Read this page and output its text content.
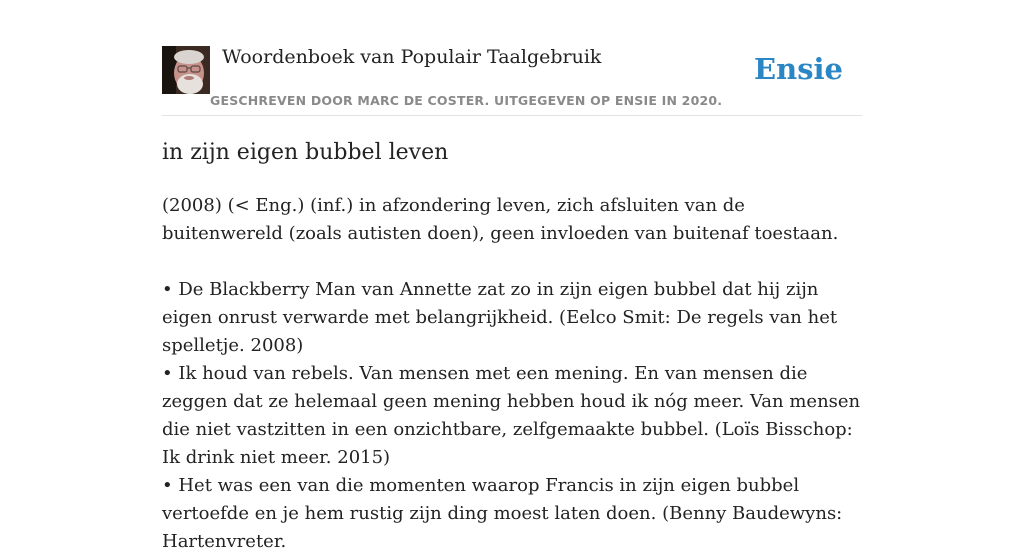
Woordenboek van Populair Taalgebruik
GESCHREVEN DOOR MARC DE COSTER. UITGEGEVEN OP ENSIE IN 2020.
Ensie
in zijn eigen bubbel leven

(2008) (< Eng.) (inf.) in afzondering leven, zich afsluiten van de buitenwereld (zoals autisten doen), geen invloeden van buitenaf toestaan.

• De Blackberry Man van Annette zat zo in zijn eigen bubbel dat hij zijn eigen onrust verwarde met belangrijkheid. (Eelco Smit: De regels van het spelletje. 2008)

• Ik houd van rebels. Van mensen met een mening. En van mensen die zeggen dat ze helemaal geen mening hebben houd ik nóg meer. Van mensen die niet vastzitten in een onzichtbare, zelfgemaakte bubbel. (Loïs Bisschop: Ik drink niet meer. 2015)

• Het was een van die momenten waarop Francis in zijn eigen bubbel vertoefde en je hem rustig zijn ding moest laten doen. (Benny Baudewyns: Hartenvreter.
